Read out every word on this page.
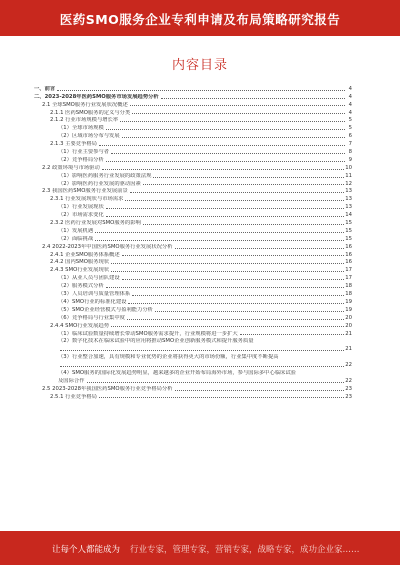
医药SMO服务企业专利申请及布局策略研究报告
内容目录
一、前言	4
二、2023-2028年医药SMO服务市场发展趋势分析	4
2.1 全球SMO服务行业发展状况概述	4
2.1.1 医药SMO服务的定义与分类	4
2.1.2 行业市场规模与增长率	5
（1）全球市场规模	5
（2）区域市场分布与发展	6
2.1.3 主要竞争格局	7
（1）行业主要参与者	8
（2）竞争格局分析	9
2.2 政策环境与市场驱动	10
（1）影响医药服务行业发展的政策法规	11
（2）影响医药行业发展的驱动因素	12
2.3 我国医药SMO服务行业发展前景	13
2.3.1 行业发展现状与市场需求	13
（1）行业发展现状	13
（2）市场需求变化	14
2.3.2 医药行业发展对SMO服务的影响	15
（1）发展机遇	15
（2）面临挑战	15
2.4 2022-2023年中国医药SMO服务行业发展状况分析	16
2.4.1 企业SMO服务体系概述	16
2.4.2 国内SMO服务现状	16
2.4.3 SMO行业发展现状	17
（1）从业人员与团队建设	17
（2）服务模式分析	18
（3）人员培训与质量管理体系	18
（4）SMO行业的标准化建设	19
（5）SMO企业经营模式与盈利能力分析	19
（6）竞争格局与行业集中度	20
2.4.4 SMO行业发展趋势	20
（1）临床试验数量持续增长带动SMO服务需求提升，行业规模将进一步扩大	21
（2）数字化技术在临床试验中的应用将推动SMO企业创新服务模式和提升服务质量
21
（3）行业整合加速，具有规模和专业优势的企业将获得更大的市场份额，行业集中度不断提高
22
（4）SMO服务的国际化发展趋势明显，越来越多的企业开始布局海外市场，参与国际多中心临床试验
及国际合作	22
2.5 2023-2028年我国医药SMO服务行业竞争格局分析	23
2.5.1 行业竞争格局	23
让每个人都能成为 行业专家，管理专家，营销专家，战略专家，成功企业家……
